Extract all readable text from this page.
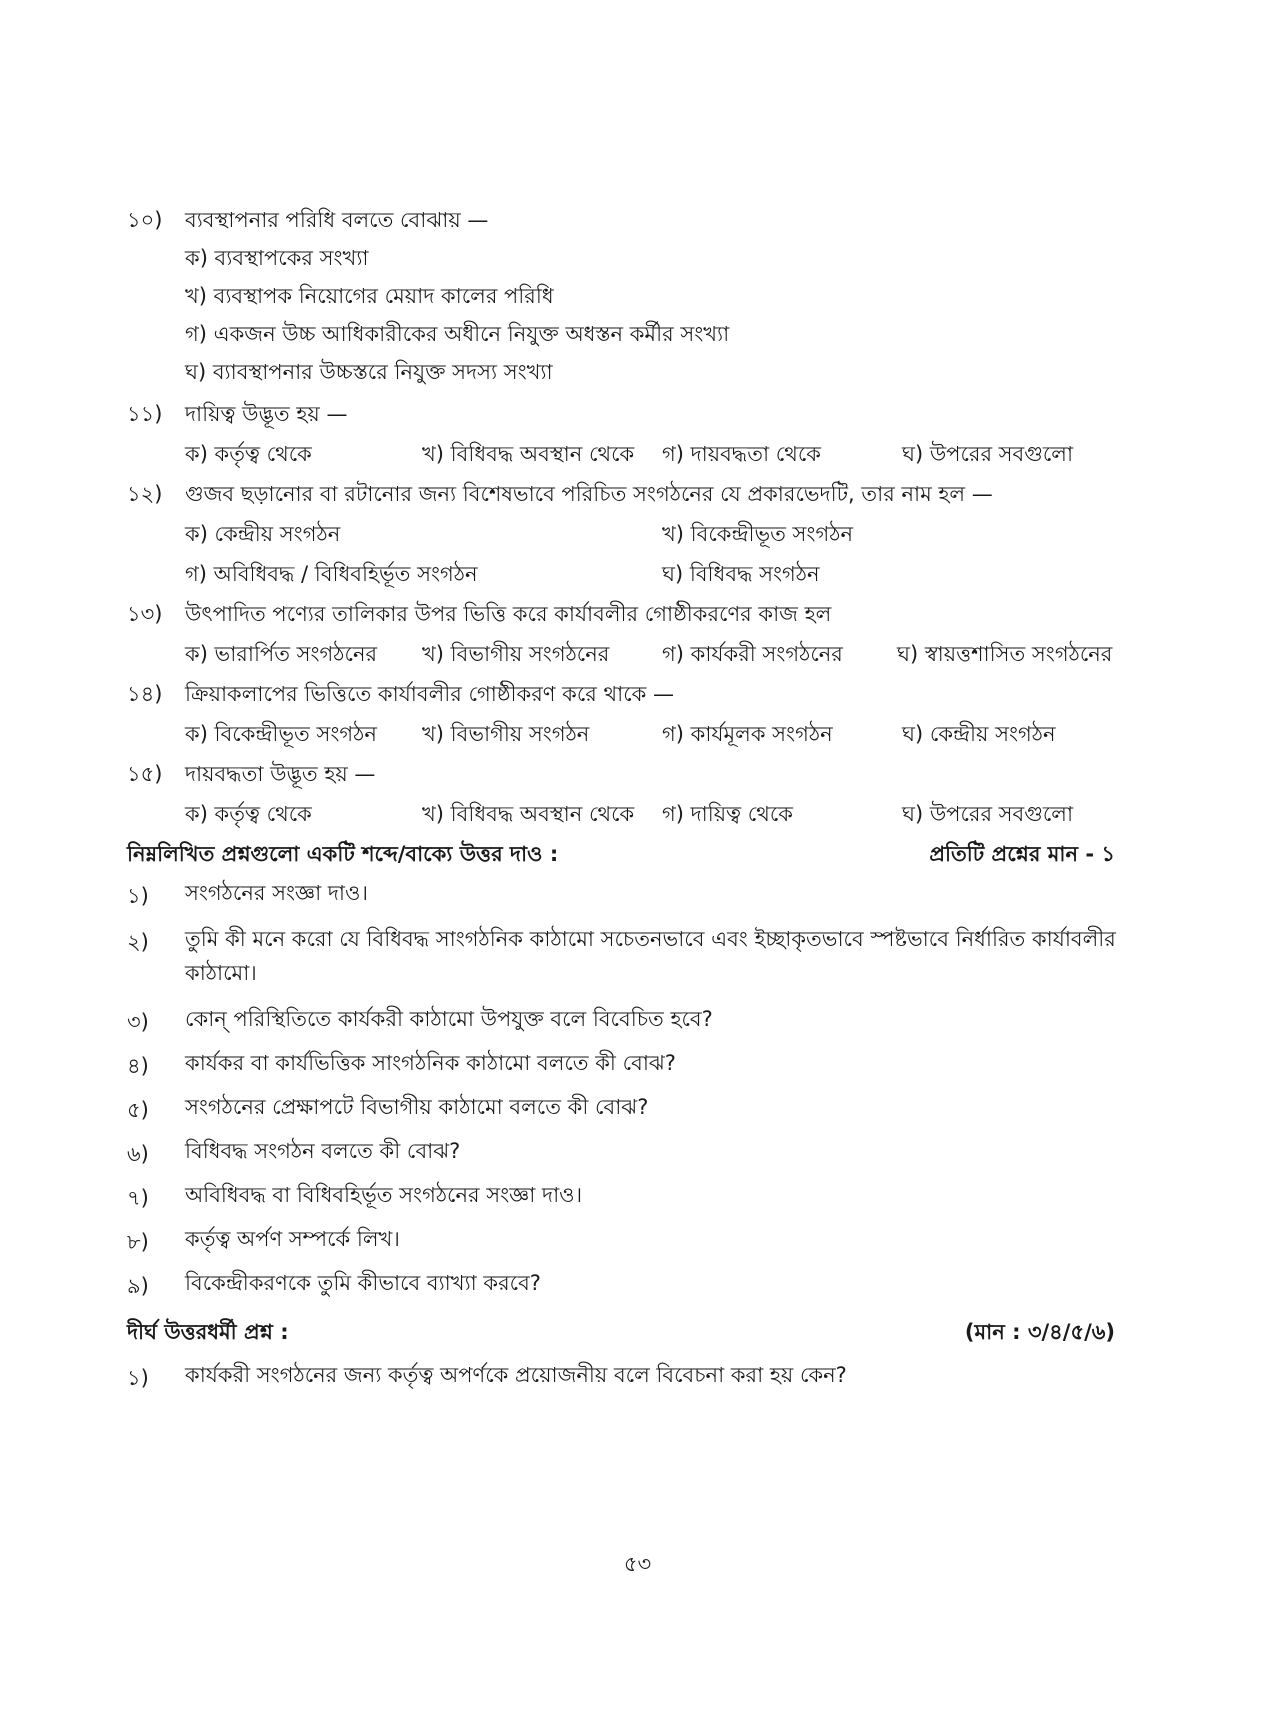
১০)	ব্যবস্থাপনার পরিধি বলতে বোঝায় —
ক) ব্যবস্থাপকের সংখ্যা
খ) ব্যবস্থাপক নিয়োগের মেয়াদ কালের পরিধি
গ) একজন উচ্চ আধিকারীকের অধীনে নিযুক্ত অধস্তন কর্মীর সংখ্যা
ঘ) ব্যাবস্থাপনার উচ্চস্তরে নিযুক্ত সদস্য সংখ্যা
১১)	দায়িত্ব উদ্ভূত হয় —
ক) কর্তৃত্ব থেকে	খ) বিধিবদ্ধ অবস্থান থেকে গ) দায়বদ্ধতা থেকে	ঘ) উপরের সবগুলো
১২)	গুজব ছড়ানোর বা রটানোর জন্য বিশেষভাবে পরিচিত সংগঠনের যে প্রকারভেদটি, তার নাম হল —
ক) কেন্দ্রীয় সংগঠন	খ) বিকেন্দ্রীভূত সংগঠন
গ) অবিধিবদ্ধ / বিধিবহির্ভূত সংগঠন	ঘ) বিধিবদ্ধ সংগঠন
১৩)	উৎপাদিত পণ্যের তালিকার উপর ভিত্তি করে কার্যাবলীর গোষ্ঠীকরণের কাজ হল
ক) ভারার্পিত সংগঠনের খ) বিভাগীয় সংগঠনের	গ) কার্যকরী সংগঠনের	ঘ) স্বায়ত্তশাসিত সংগঠনের
১৪)	ক্রিয়াকলাপের ভিত্তিতে কার্যাবলীর গোষ্ঠীকরণ করে থাকে —
ক) বিকেন্দ্রীভূত সংগঠন খ) বিভাগীয় সংগঠন	গ) কার্যমূলক সংগঠন	ঘ) কেন্দ্রীয় সংগঠন
১৫)	দায়বদ্ধতা উদ্ভূত হয় —
ক) কর্তৃত্ব থেকে	খ) বিধিবদ্ধ অবস্থান থেকে গ) দায়িত্ব থেকে	ঘ) উপরের সবগুলো
নিম্নলিখিত প্রশ্নগুলো একটি শব্দে/বাক্যে উত্তর দাও :	প্রতিটি প্রশ্নের মান - ১
১)	সংগঠনের সংজ্ঞা দাও।
২)	তুমি কী মনে করো যে বিধিবদ্ধ সাংগঠনিক কাঠামো সচেতনভাবে এবং ইচ্ছাকৃতভাবে স্পষ্টভাবে নির্ধারিত কার্যাবলীর কাঠামো।
৩)	কোন্ পরিস্থিতিতে কার্যকরী কাঠামো উপযুক্ত বলে বিবেচিত হবে?
৪)	কার্যকর বা কার্যভিত্তিক সাংগঠনিক কাঠামো বলতে কী বোঝ?
৫)	সংগঠনের প্রেক্ষাপটে বিভাগীয় কাঠামো বলতে কী বোঝ?
৬)	বিধিবদ্ধ সংগঠন বলতে কী বোঝ?
৭)	অবিধিবদ্ধ বা বিধিবহির্ভূত সংগঠনের সংজ্ঞা দাও।
৮)	কর্তৃত্ব অর্পণ সম্পর্কে লিখ।
৯)	বিকেন্দ্রীকরণকে তুমি কীভাবে ব্যাখ্যা করবে?
দীর্ঘ উত্তরধর্মী প্রশ্ন :	(মান : ৩/৪/৫/৬)
১)	কার্যকরী সংগঠনের জন্য কর্তৃত্ব অপর্ণকে প্রয়োজনীয় বলে বিবেচনা করা হয় কেন?
৫৩
